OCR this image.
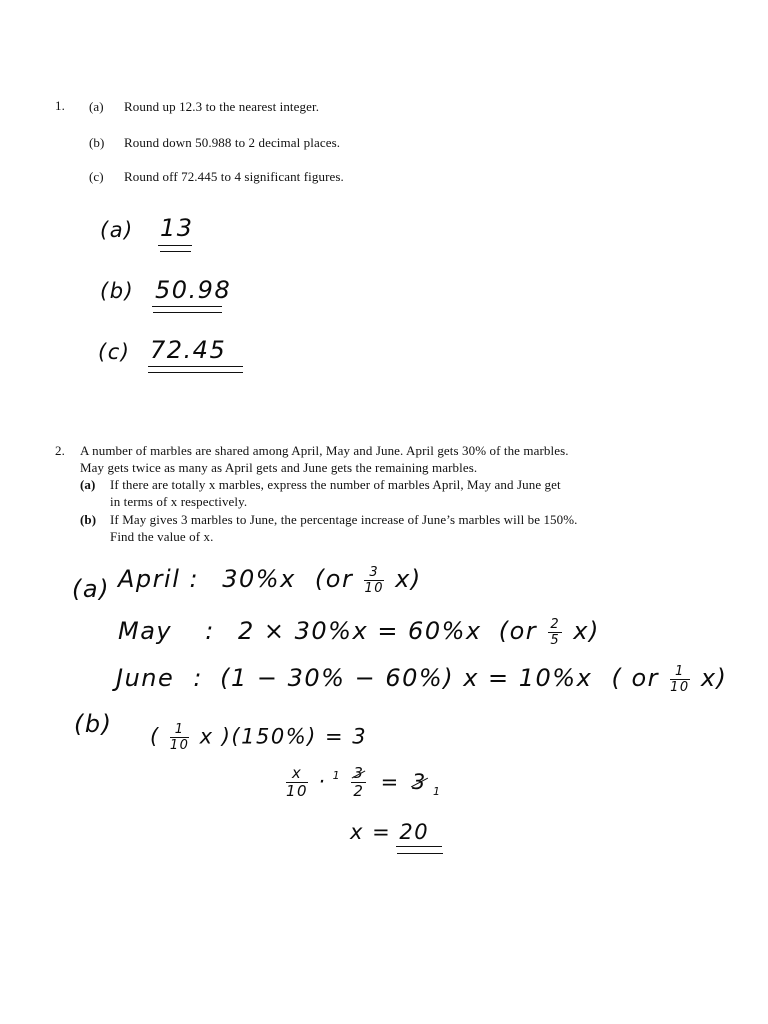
1. (a) Round up 12.3 to the nearest integer.
(b) Round down 50.988 to 2 decimal places.
(c) Round off 72.445 to 4 significant figures.
(a) 13
(b) 50.98
(c) 72.45
2. A number of marbles are shared among April, May and June. April gets 30% of the marbles.
May gets twice as many as April gets and June gets the remaining marbles.
(a) If there are totally x marbles, express the number of marbles April, May and June get
in terms of x respectively.
(b) If May gives 3 marbles to June, the percentage increase of June’s marbles will be 150%.
Find the value of x.
(a) April : 30%x $(or \frac{3}{10} x)$
May : 2 × 30%x = 60%x $(or \frac{2}{5} x)$
June : (1 − 30% − 60%) x = 10%x ( or $\frac{1}{10} x$)
(b) ( $\frac{1}{10}$ x )(150%) = 3
$\frac{x}{10} \cdot ^1 \frac{3}{2} = 3$ $_1$
x = 20
